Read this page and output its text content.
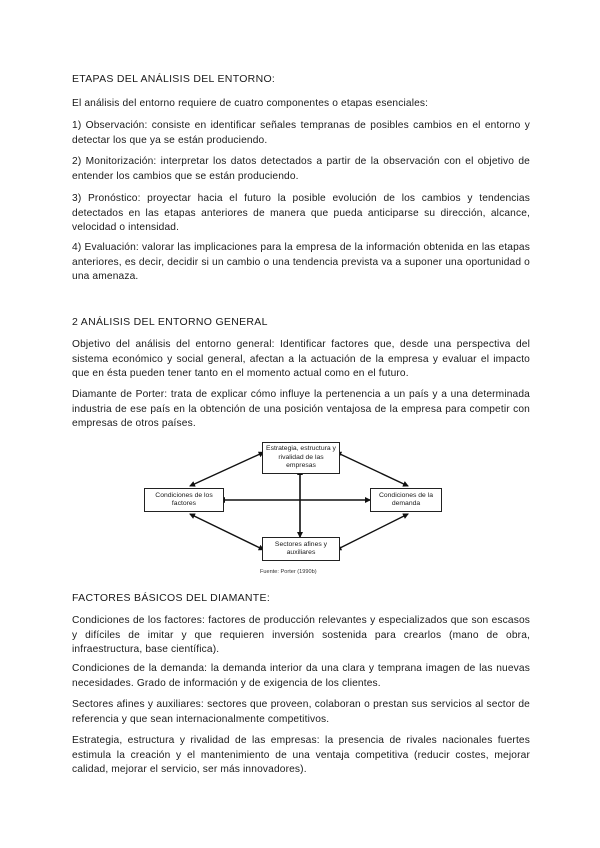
ETAPAS DEL ANÁLISIS DEL ENTORNO:

El análisis del entorno requiere de cuatro componentes o etapas esenciales:

1) Observación: consiste en identificar señales tempranas de posibles cambios en el entorno y detectar los que ya se están produciendo.

2) Monitorización: interpretar los datos detectados a partir de la observación con el objetivo de entender los cambios que se están produciendo.

3) Pronóstico: proyectar hacia el futuro la posible evolución de los cambios y tendencias detectados en las etapas anteriores de manera que pueda anticiparse su dirección, alcance, velocidad o intensidad.

4) Evaluación: valorar las implicaciones para la empresa de la información obtenida en las etapas anteriores, es decir, decidir si un cambio o una tendencia prevista va a suponer una oportunidad o una amenaza.

2 ANÁLISIS DEL ENTORNO GENERAL

Objetivo del análisis del entorno general: Identificar factores que, desde una perspectiva del sistema económico y social general, afectan a la actuación de la empresa y evaluar el impacto que en ésta pueden tener tanto en el momento actual como en el futuro.

Diamante de Porter: trata de explicar cómo influye la pertenencia a un país y a una determinada industria de ese país en la obtención de una posición ventajosa de la empresa para competir con empresas de otros países.

Estrategia, estructura y rivalidad de las empresas
Condiciones de los factores
Condiciones de la demanda
Sectores afines y auxiliares
Fuente: Porter (1990b)

FACTORES BÁSICOS DEL DIAMANTE:

Condiciones de los factores: factores de producción relevantes y especializados que son escasos y difíciles de imitar y que requieren inversión sostenida para crearlos (mano de obra, infraestructura, base científica).

Condiciones de la demanda: la demanda interior da una clara y temprana imagen de las nuevas necesidades. Grado de información y de exigencia de los clientes.

Sectores afines y auxiliares: sectores que proveen, colaboran o prestan sus servicios al sector de referencia y que sean internacionalmente competitivos.

Estrategia, estructura y rivalidad de las empresas: la presencia de rivales nacionales fuertes estimula la creación y el mantenimiento de una ventaja competitiva (reducir costes, mejorar calidad, mejorar el servicio, ser más innovadores).
